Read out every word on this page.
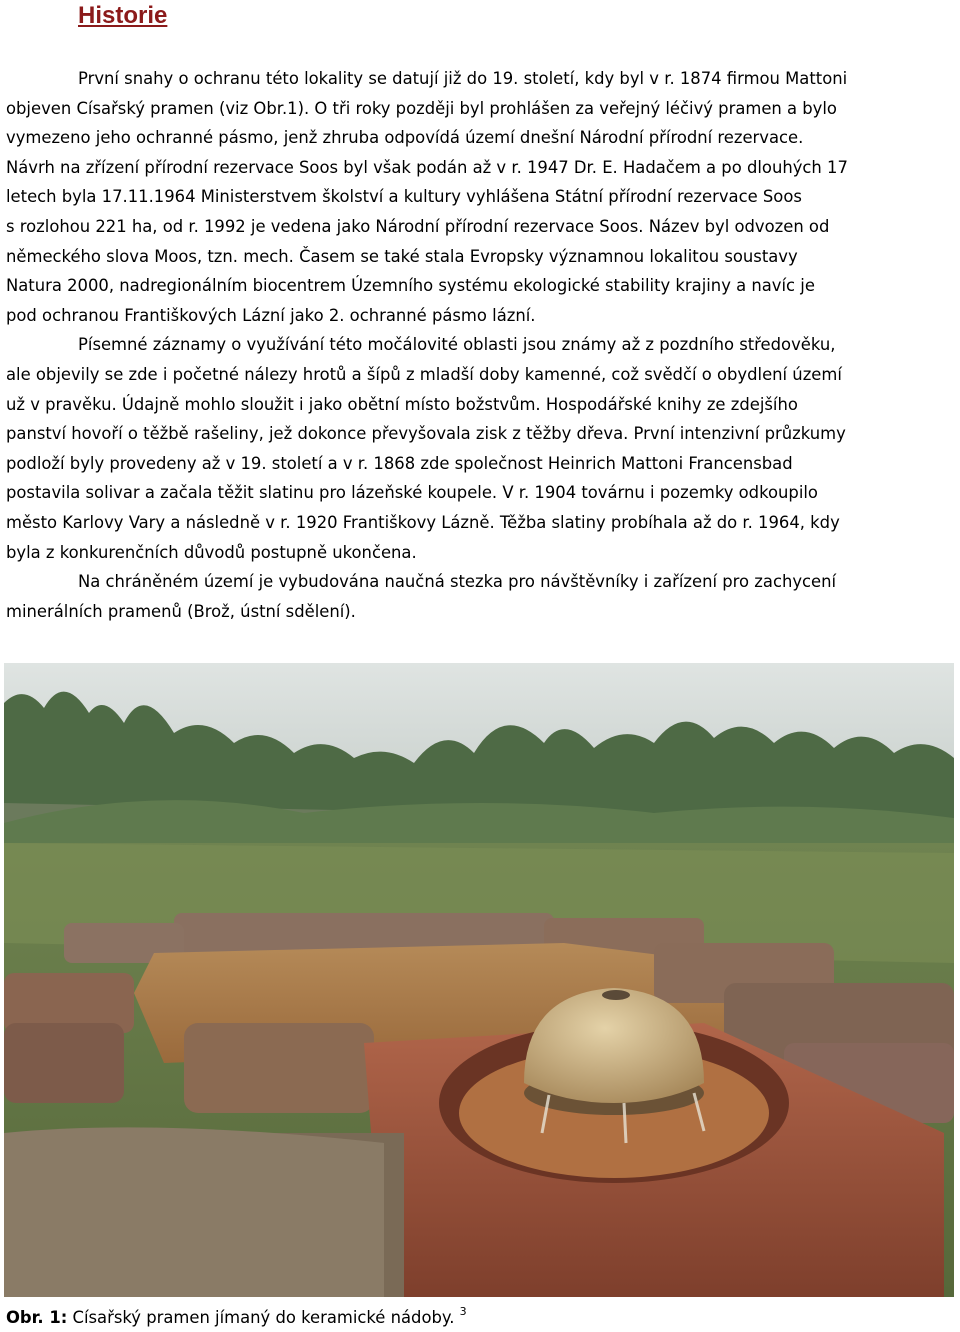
Historie
První snahy o ochranu této lokality se datují již do 19. století, kdy byl v r. 1874 firmou Mattoni
objeven Císařský pramen (viz Obr.1). O tři roky později byl prohlášen za veřejný léčivý pramen a bylo
vymezeno jeho ochranné pásmo, jenž zhruba odpovídá území dnešní Národní přírodní rezervace.
Návrh na zřízení přírodní rezervace Soos byl však podán až v r. 1947 Dr. E. Hadačem a po dlouhých 17
letech byla 17.11.1964 Ministerstvem školství a kultury vyhlášena Státní přírodní rezervace Soos
s rozlohou 221 ha, od r. 1992 je vedena jako Národní přírodní rezervace Soos. Název byl odvozen od
německého slova Moos, tzn. mech. Časem se také stala Evropsky významnou lokalitou soustavy
Natura 2000, nadregionálním biocentrem Územního systému ekologické stability krajiny a navíc je
pod ochranou Františkových Lázní jako 2. ochranné pásmo lázní.
Písemné záznamy o využívání této močálovité oblasti jsou známy až z pozdního středověku,
ale objevily se zde i početné nálezy hrotů a šípů z mladší doby kamenné, což svědčí o obydlení území
už v pravěku. Údajně mohlo sloužit i jako obětní místo božstvům. Hospodářské knihy ze zdejšího
panství hovoří o těžbě rašeliny, jež dokonce převyšovala zisk z těžby dřeva. První intenzivní průzkumy
podloží byly provedeny až v 19. století a v r. 1868 zde společnost Heinrich Mattoni Francensbad
postavila solivar a začala těžit slatinu pro lázeňské koupele. V r. 1904 továrnu i pozemky odkoupilo
město Karlovy Vary a následně v r. 1920 Františkovy Lázně. Těžba slatiny probíhala až do r. 1964, kdy
byla z konkurenčních důvodů postupně ukončena.
Na chráněném území je vybudována naučná stezka pro návštěvníky i zařízení pro zachycení
minerálních pramenů (Brož, ústní sdělení).
Obr. 1: Císařský pramen jímaný do keramické nádoby. $^3$
